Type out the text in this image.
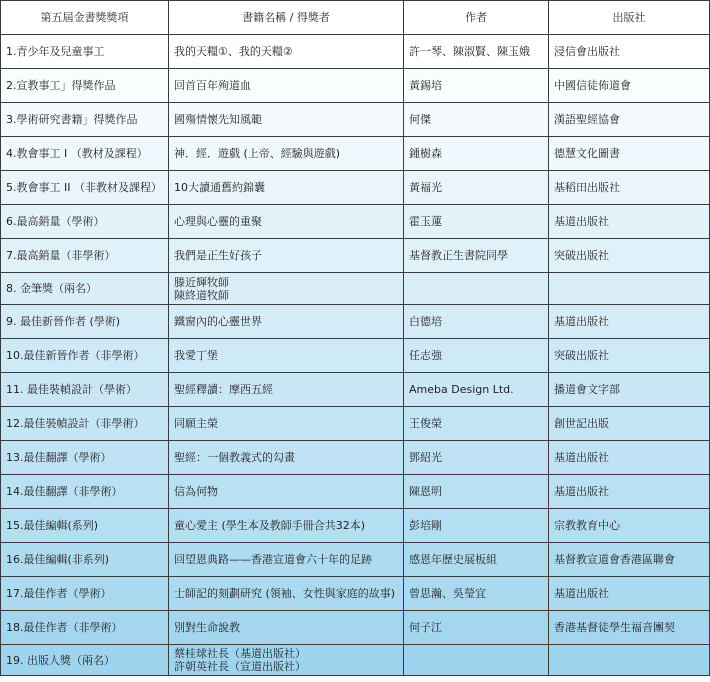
第五屆金書獎獎項	書籍名稱 / 得獎者	作者	出版社
1.青少年及兒童事工	我的天糧①、我的天糧②	許一琴、陳淑賢、陳玉娥	浸信會出版社
2.宣教事工」得獎作品	回首百年殉道血	黃錫培	中國信徒佈道會
3.學術研究書籍」得獎作品	國殤情懷先知風範	何傑	漢語聖經協會
4.教會事工 I （教材及課程）	神．經．遊戲 (上帝、經驗與遊戲)	鍾樹森	德慧文化圖書
5.教會事工 II （非教材及課程）	10大讀通舊約錦囊	黃福光	基稻田出版社
6.最高銷量（學術）	心理與心靈的重聚	霍玉蓮	基道出版社
7.最高銷量（非學術）	我們是正生好孩子	基督教正生書院同學	突破出版社
8. 金筆獎（兩名）	滕近輝牧師
陳終道牧師		

9. 最佳新晉作者 (學術)	鐵窗內的心靈世界	白德培	基道出版社
10.最佳新晉作者（非學術）	我愛丁堡	任志強	突破出版社
11. 最佳裝幀設計（學術）	聖經釋讀：摩西五經	Ameba Design Ltd.	播道會文字部
12.最佳裝幀設計（非學術）	同願主榮	王俊榮	創世記出版
13.最佳翻譯（學術）	聖經：一個教義式的勾畫	鄧紹光	基道出版社
14.最佳翻譯（非學術）	信為何物	陳恩明	基道出版社
15.最佳編輯(系列)	童心愛主 (學生本及教師手冊合共32本)	彭培剛	宗教教育中心
16.最佳編輯(非系列)	回望恩典路——香港宣道會六十年的足跡	感恩年歷史展板組	基督教宣道會香港區聯會
17.最佳作者（學術）	士師記的刻劃研究 (領袖、女性與家庭的故事)	曾思瀚、吳瑩宜	基道出版社
18.最佳作者（非學術）	別對生命說教	何子江	香港基督徒學生福音團契
19. 出版人獎（兩名）	蔡桂球社長（基道出版社）
許朝英社長（宣道出版社）		
